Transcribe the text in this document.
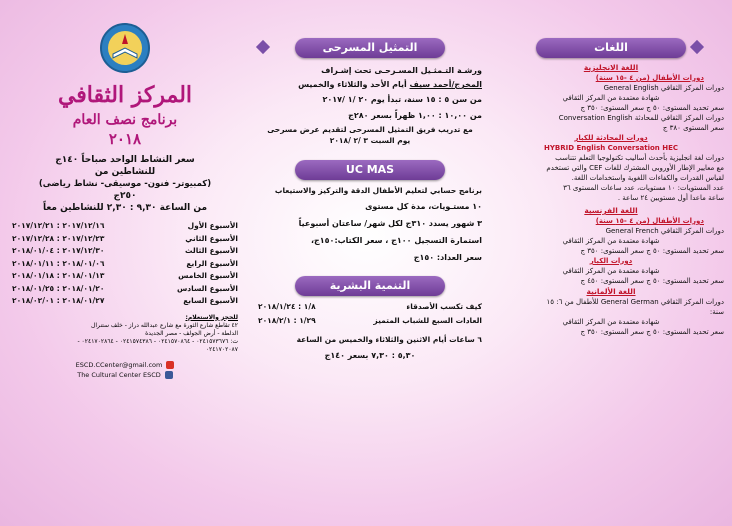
المركز الثقافي
برنامج نصف العام
٢٠١٨

سعر النشاط الواحد صباحاً ١٤٠ج

للنشاطين من

(كمبيوتر- فنون- موسيقى- نشاط رياضى)

٢٥٠ج

من الساعة ٩,٣٠ : ٢,٣٠ للنشاطين معاً

٢٠١٧/١٢/١٦ : ٢٠١٧/١٢/٢١	الأسبوع الأول
٢٠١٧/١٢/٢٣ : ٢٠١٧/١٢/٢٨	الأسبوع الثاني
٢٠١٧/١٢/٣٠ : ٢٠١٨/٠١/٠٤	الأسبوع الثالث
٢٠١٨/٠١/٠٦ : ٢٠١٨/٠١/١١	الأسبوع الرابع
٢٠١٨/٠١/١٣ : ٢٠١٨/٠١/١٨	الأسبوع الخامس
٢٠١٨/٠١/٢٠ : ٢٠١٨/٠١/٢٥	الأسبوع السادس
٢٠١٨/٠١/٢٧ : ٢٠١٨/٠٢/٠١	الأسبوع السابع

للحجز والاستعلام:

٤٢ تقاطع شارع الثورة مع شارع عبدالله دراز - خلف ستنرال

الدلطة - أرض الجولف - مصر الجديدة

ت: ٠٢٤١٥٧٣٦٧٦ - ٠٢٤١٥٧٠٨٦٤ - ٠٢٤١٥٧٤٣٨٦ - ٠٢٤١٧٠٢٨٦٤ -

٠٢٤١٧٠٢٠٨٧

ESCD.CCenter@gmail.com
The Cultural Center ESCD
التمثيل المسرحى

ورشـة التـمثـيل المسـرحـى تحت إشـراف

المخرج/أحمد سيف أيام الأحد والثلاثاء والخميس

من سن ٥ : ١٥ سنة، تبدأ يوم ٢٠ /١ /٢٠١٧

من ١٠,٠٠ : ١,٠٠ ظهراً بسعر ٢٨٠ج

مع تدريب فريق التمثيل المسرحى لتقديم عرض مسرحى

يوم السبت ٣ /٢ /٢٠١٨

UC MAS

برنامج حسابي لتعليم الأطفال الدقة والتركيز والاستيعاب

١٠ مستـويات، مدة كل مستوى

٣ شهور يسدد ٣١٠ج لكل شهر/ ساعتان أسبوعياً

استمارة التسجيل ١٠٠ج ، سعر الكتاب:١٥٠ج،

سعر العداد: ١٥٠ج

التنمية البشرية
كيف تكسب الأصدقاء
١/٨ : ٢٠١٨/١/٢٤
العادات السبع للشباب المتميز
١/٢٩ : ٢٠١٨/٢/١

٦ ساعات أيام الاثنين والثلاثاء والخميس من الساعة

٥,٣٠ : ٧,٣٠ بسعر ١٤٠ج

اللغات

اللغة الانجليزية

دورات الأطفال (من ٤ -١٥ سنة)

دورات المركز الثقافي General English

شهادة معتمدة من المركز الثقافي

سعر تحديد المستوى: ٥٠ ج سعر المستوى: ٣٥٠ ج

دورات المركز الثقافي للمحادثة Conversation English

سعر المستوى ٣٨٠ ج

دورات المحادثة للكبار

HYBRID English Conversation HEC

دورات لغة انجليزية بأحدث أساليب تكنولوجيا التعلم تتناسب

مع معايير الإطار الأوروبى المشترك للغات CEF والتي تستخدم

لقياس القدرات والكفاءات اللغوية واستخدامات اللغة.

عدد المستويات: ١٠ مستويات، عدد ساعات المستوى ٣٦

ساعة ماعدا أول مستويين ٢٤ ساعة .

اللغة الفرنسية

دورات الأطفال (من ٤ -١٥ سنة)

دورات المركز الثقافي General French

شهادة معتمدة من المركز الثقافي

سعر تحديد المستوى: ٥٠ ج سعر المستوى: ٣٥٠ ج

دورات الكبار

شهادة معتمدة من المركز الثقافي

سعر تحديد المستوى: ٥٠ ج سعر المستوى: ٤٥٠ ج

اللغة الألمانية

دورات المركز الثقافي General German للأطفال من ٦: ١٥

سنة:

شهادة معتمدة من المركز الثقافي

سعر تحديد المستوى: ٥٠ ج سعر المستوى: ٣٥٠ ج
